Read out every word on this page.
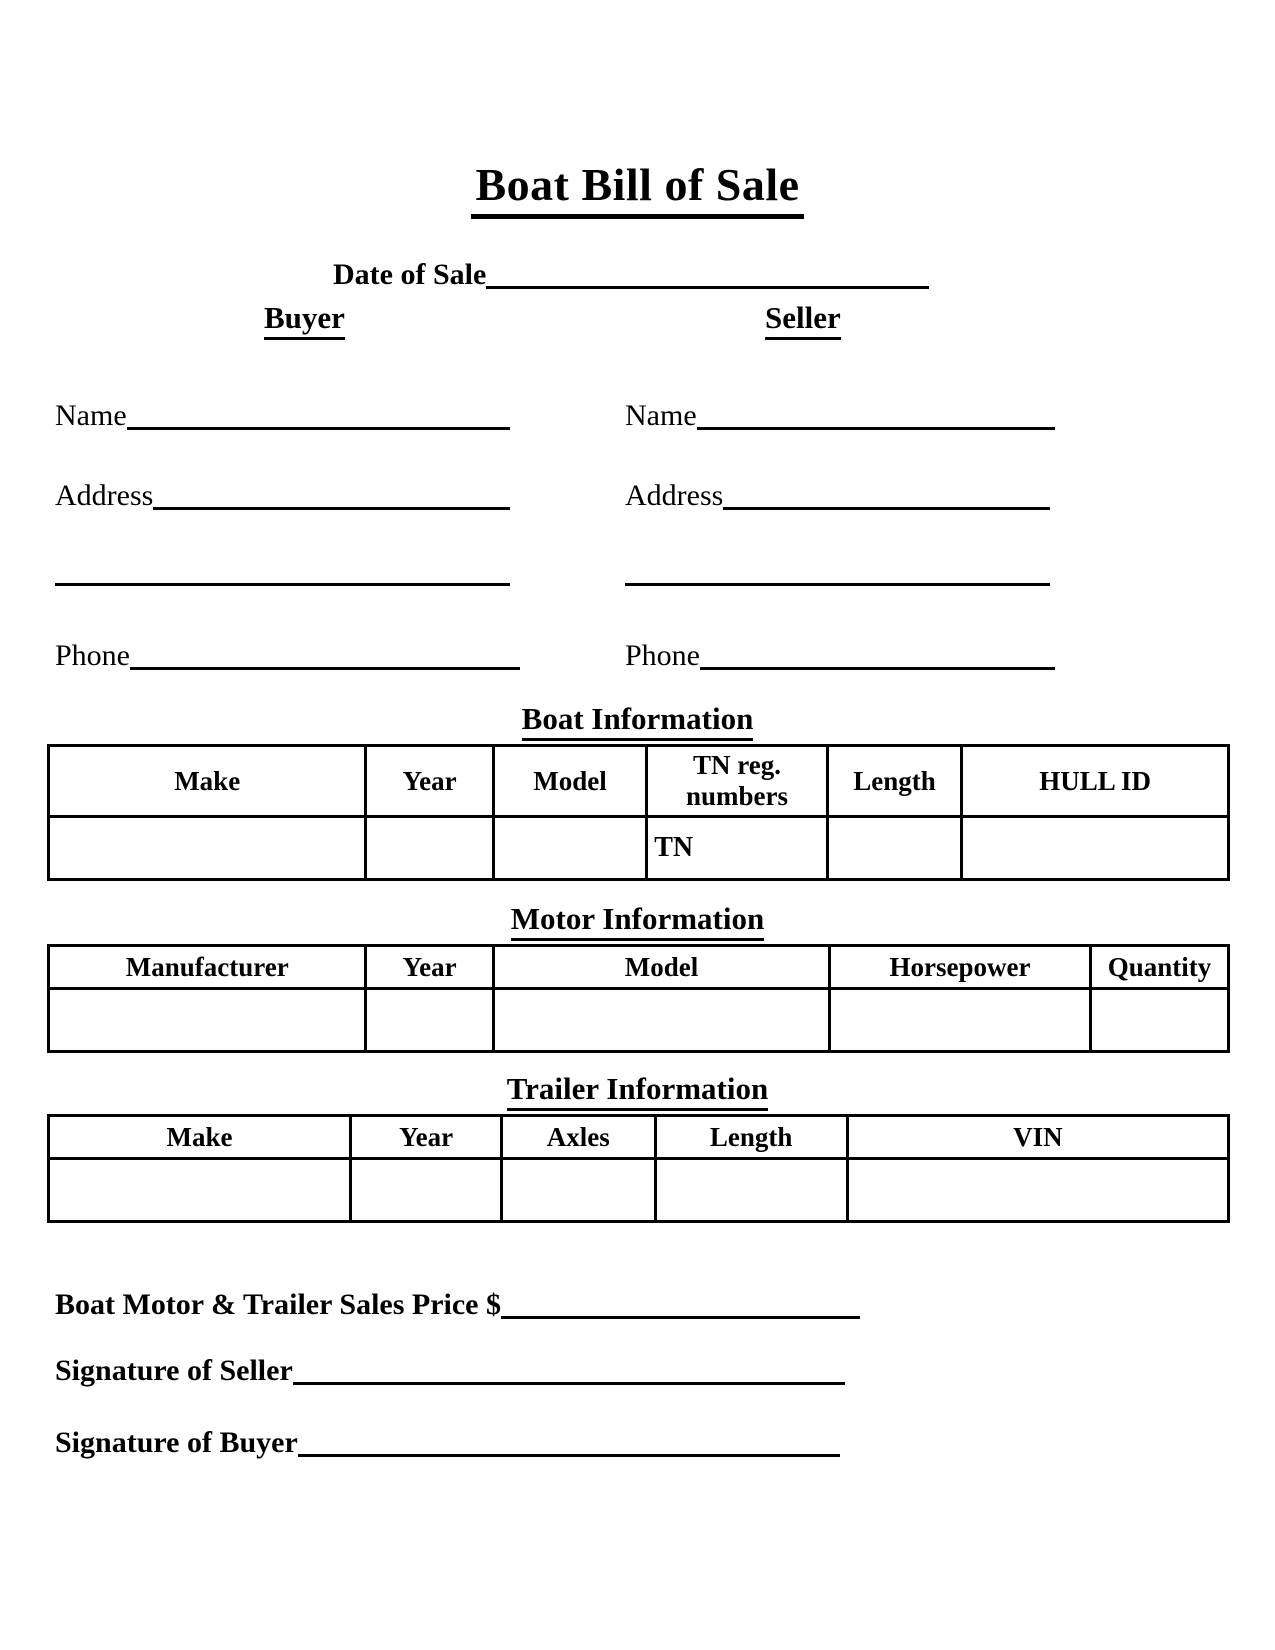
Boat Bill of Sale
Date of Sale
Buyer	Seller
Name
Address
Phone
Name
Address
Phone
Boat Information
Make	Year	Model	TN reg. numbers	Length	HULL ID
			TN		
Motor Information
Manufacturer	Year	Model	Horsepower	Quantity

Trailer Information
Make	Year	Axles	Length	VIN

Boat Motor & Trailer Sales Price $
Signature of Seller
Signature of Buyer
